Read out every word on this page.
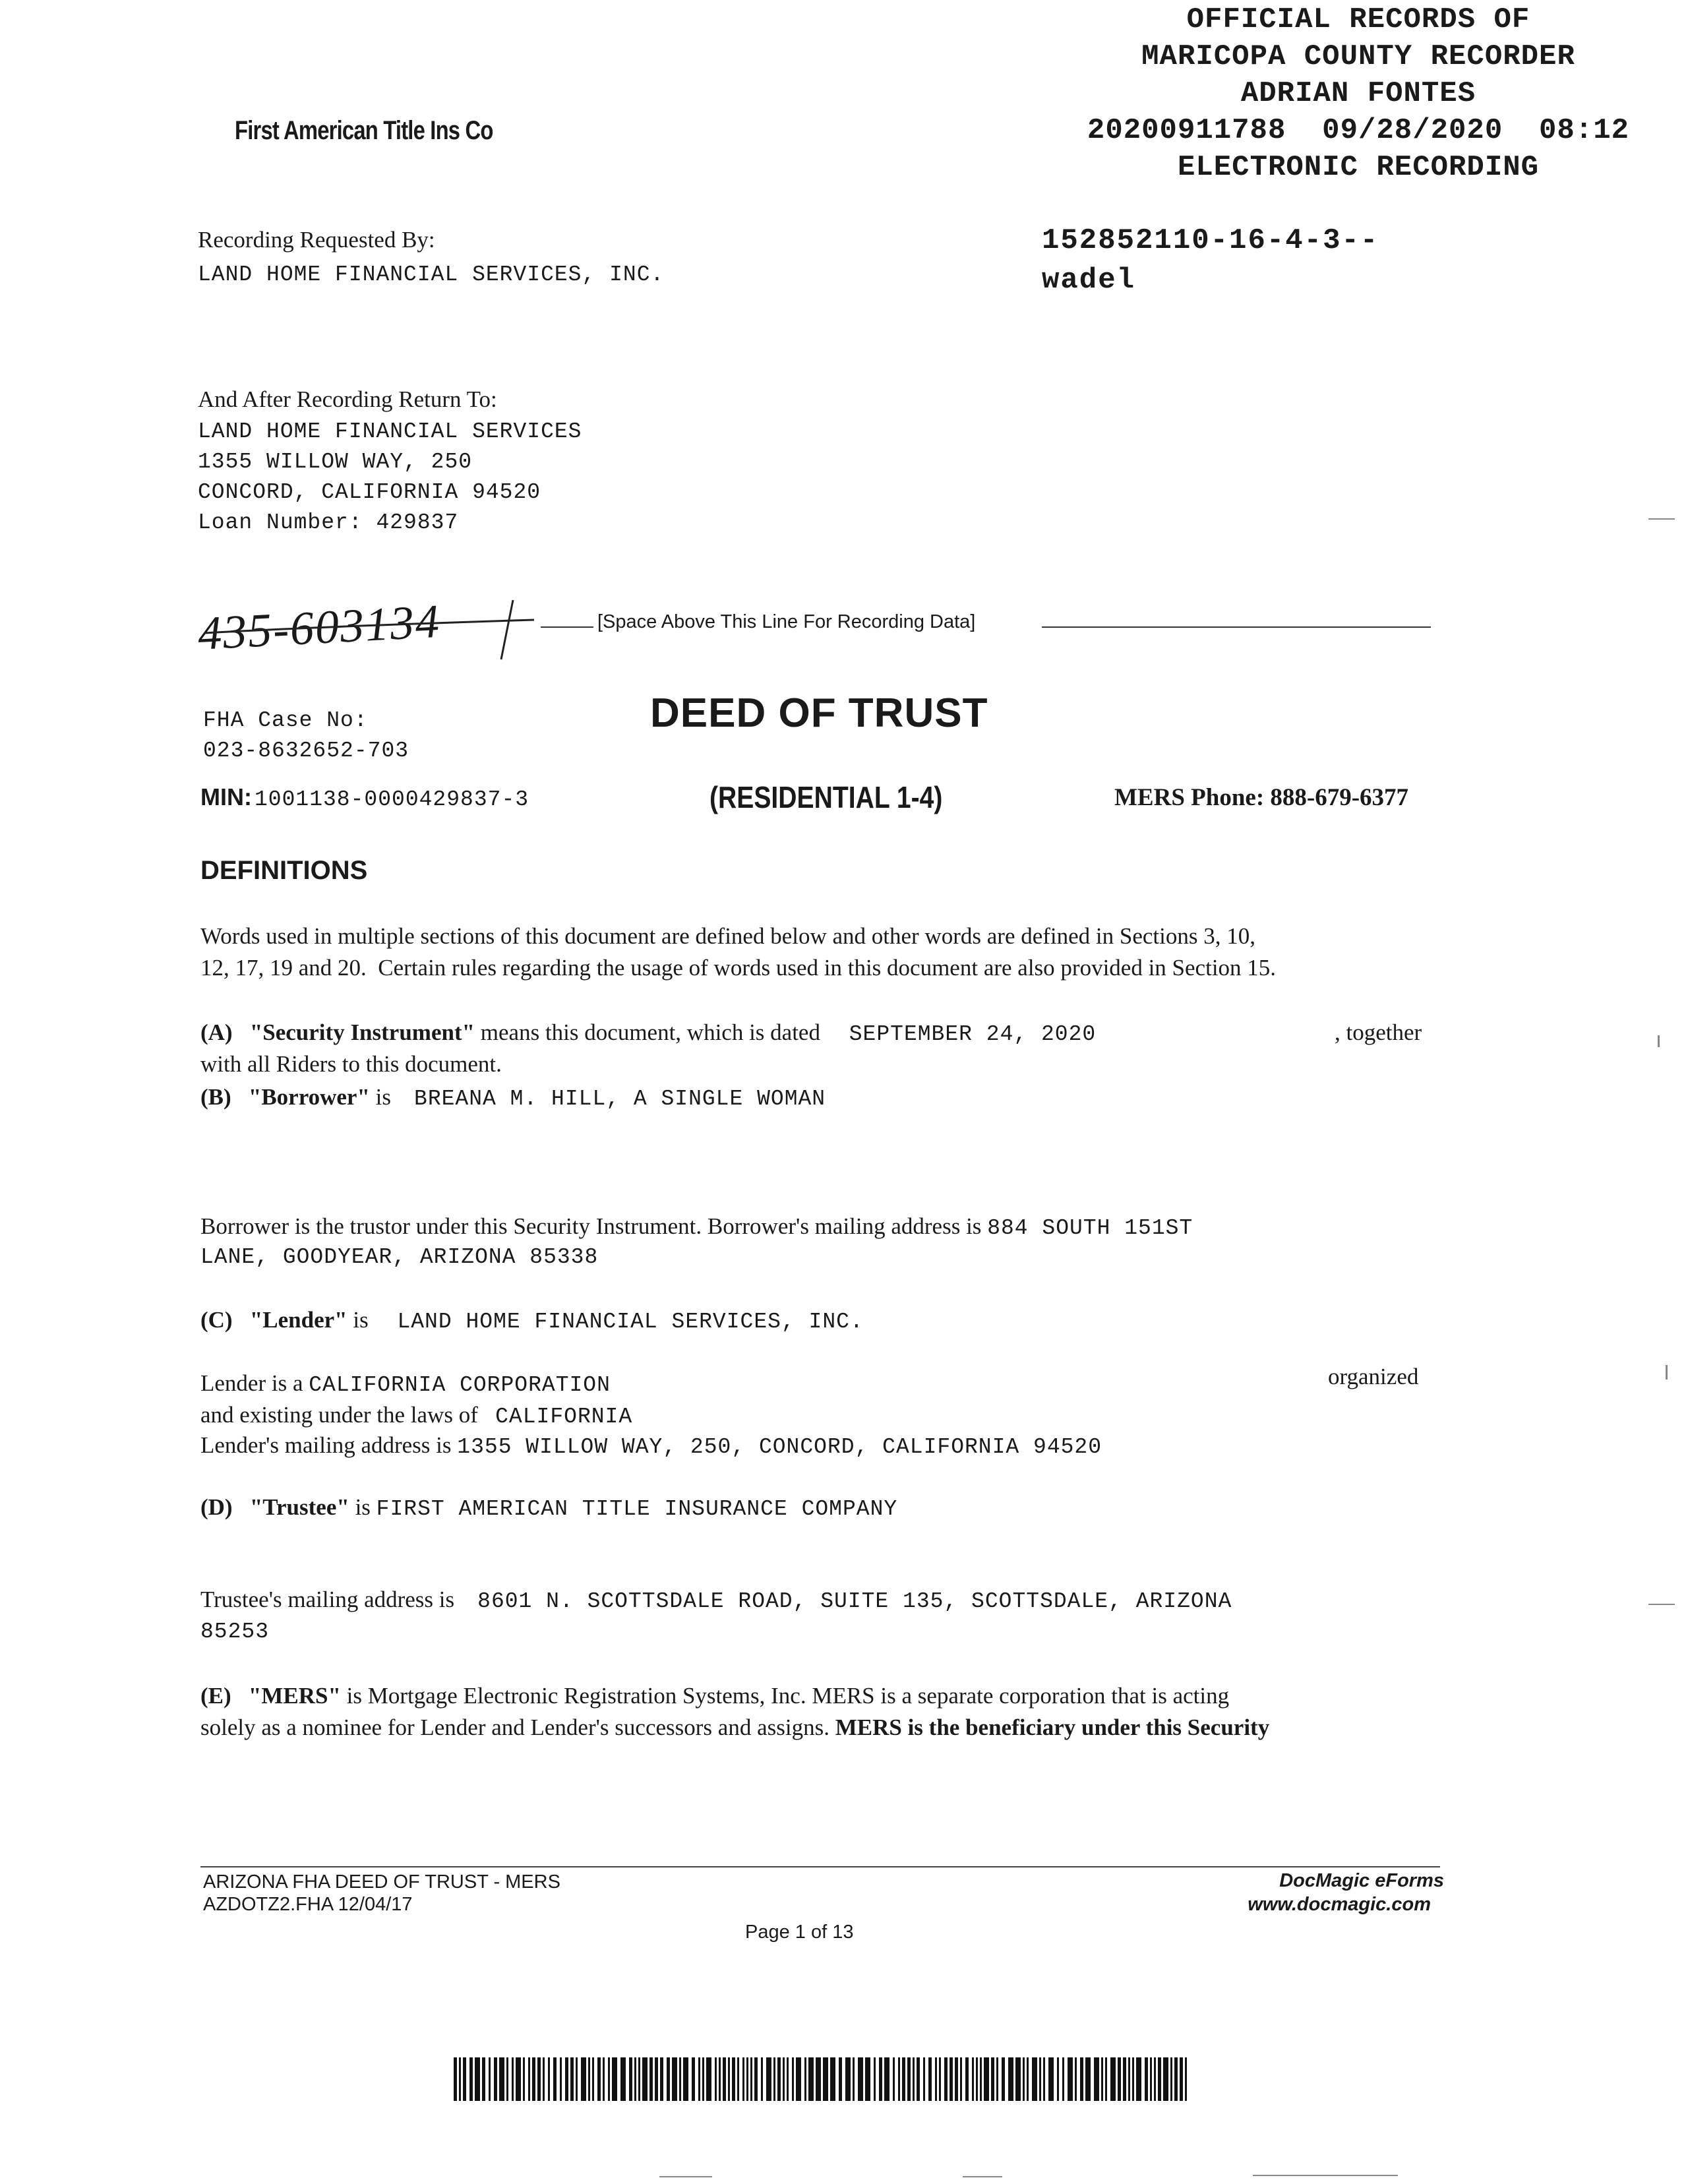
First American Title Ins Co
OFFICIAL RECORDS OF
MARICOPA COUNTY RECORDER
ADRIAN FONTES
20200911788  09/28/2020  08:12
ELECTRONIC RECORDING
152852110-16-4-3--
wadel
Recording Requested By:
LAND HOME FINANCIAL SERVICES, INC.
And After Recording Return To:
LAND HOME FINANCIAL SERVICES
1355 WILLOW WAY, 250
CONCORD, CALIFORNIA 94520
Loan Number: 429837
435-603134	[Space Above This Line For Recording Data]
FHA Case No:
023-8632652-703
DEED OF TRUST
MIN: 1001138-0000429837-3	(RESIDENTIAL 1-4)	MERS Phone: 888-679-6377
DEFINITIONS
Words used in multiple sections of this document are defined below and other words are defined in Sections 3, 10,
12, 17, 19 and 20.  Certain rules regarding the usage of words used in this document are also provided in Section 15.
(A) "Security Instrument" means this document, which is dated SEPTEMBER 24, 2020	, together
with all Riders to this document.
(B) "Borrower" is BREANA M. HILL, A SINGLE WOMAN
Borrower is the trustor under this Security Instrument. Borrower's mailing address is 884 SOUTH 151ST
LANE, GOODYEAR, ARIZONA 85338
(C) "Lender" is LAND HOME FINANCIAL SERVICES, INC.
Lender is a CALIFORNIA CORPORATION	organized
and existing under the laws of CALIFORNIA
Lender's mailing address is 1355 WILLOW WAY, 250, CONCORD, CALIFORNIA 94520
(D) "Trustee" is FIRST AMERICAN TITLE INSURANCE COMPANY
Trustee's mailing address is 8601 N. SCOTTSDALE ROAD, SUITE 135, SCOTTSDALE, ARIZONA
85253
(E) "MERS" is Mortgage Electronic Registration Systems, Inc. MERS is a separate corporation that is acting
solely as a nominee for Lender and Lender's successors and assigns. MERS is the beneficiary under this Security
ARIZONA FHA DEED OF TRUST - MERS
AZDOTZ2.FHA 12/04/17
Page 1 of 13
DocMagic eForms
www.docmagic.com
